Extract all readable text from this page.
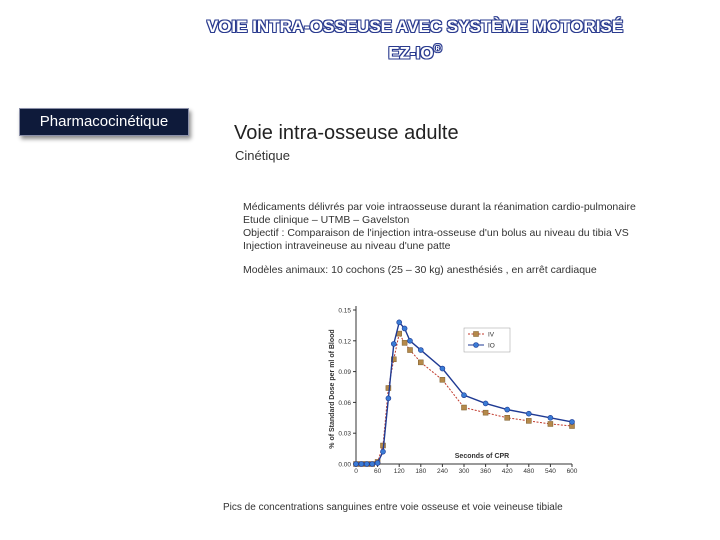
VOIE INTRA-OSSEUSE AVEC SYSTÈME MOTORISÉ
EZ-IO®
Pharmacocinétique
Voie intra-osseuse adulte
Cinétique
Médicaments délivrés par voie intraosseuse durant la réanimation cardio-pulmonaire
Etude clinique – UTMB – Gavelston
Objectif : Comparaison de l'injection intra-osseuse d'un bolus au niveau du tibia VS
Injection intraveineuse au niveau d'une patte
Modèles animaux: 10 cochons (25 – 30 kg) anesthésiés , en arrêt cardiaque
0.00
0.03
0.06
0.09
0.12
0.15
0 60 120 180 240 300 360 420 480 540 600
Seconds of CPR
% of Standard Dose per ml of Blood	IV
IO
Pics de concentrations sanguines entre voie osseuse et voie veineuse tibiale
